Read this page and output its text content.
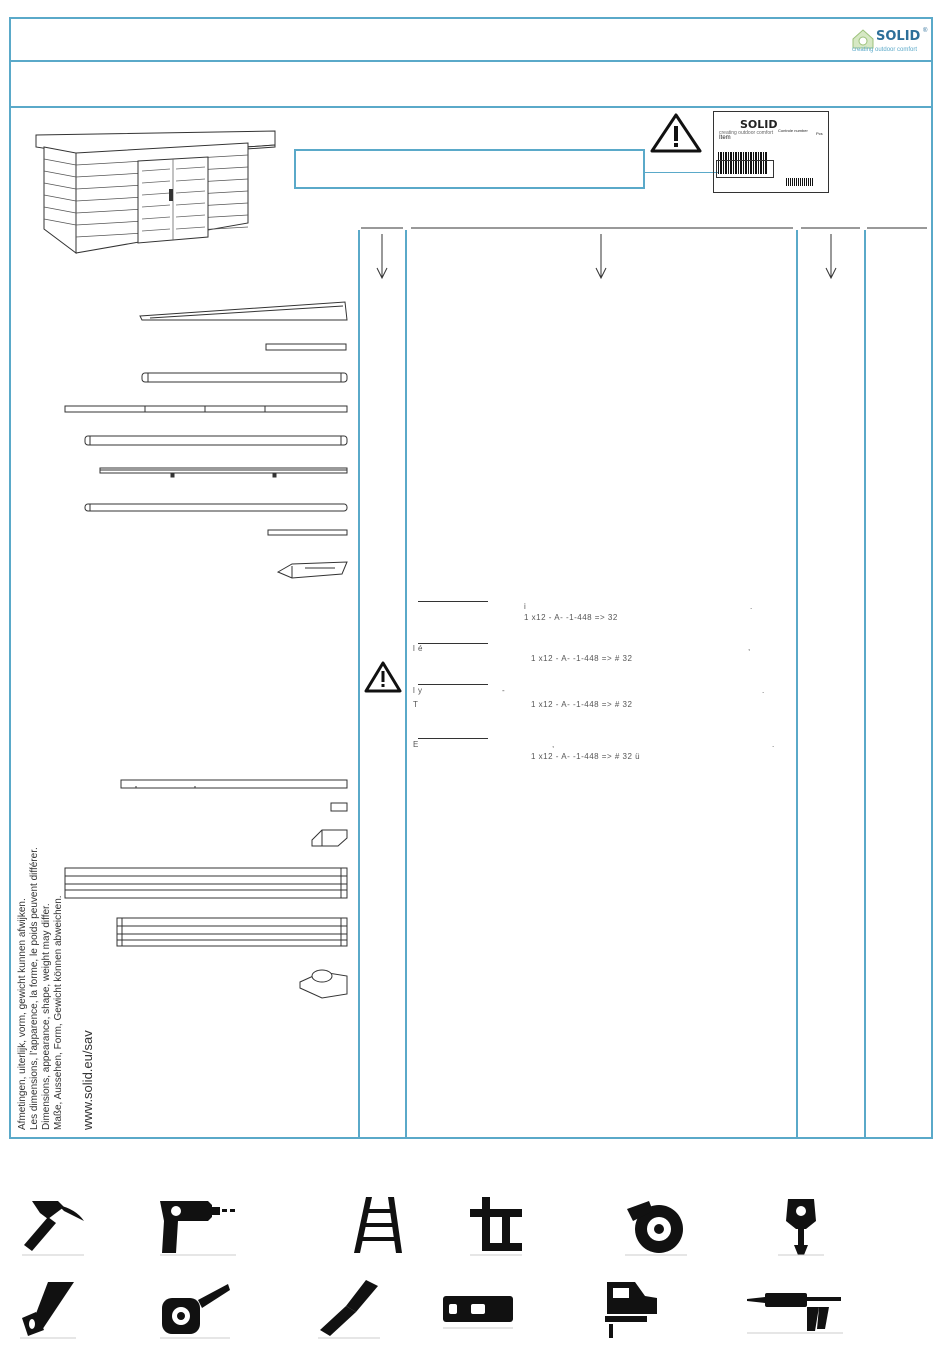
SOLID ®
creating outdoor comfort
SOLID
creating outdoor comfort
Item
Controle number
Pcs
i
1 x12 - A- -1-448 => 32
.
l é
1 x12 - A- -1-448 => # 32
,
l y	-
T	1 x12 - A- -1-448 => # 32
.
E	,
1 x12 - A- -1-448 => # 32 ü
.
Afmetingen, uiterlijk, vorm, gewicht kunnen afwijken. Les dimensions, l’apparence, la forme, le poids peuvent différer. Dimensions, appearance, shape, weight may differ. Maße, Aussehen, Form, Gewicht können abweichen. www.solid.eu/sav
